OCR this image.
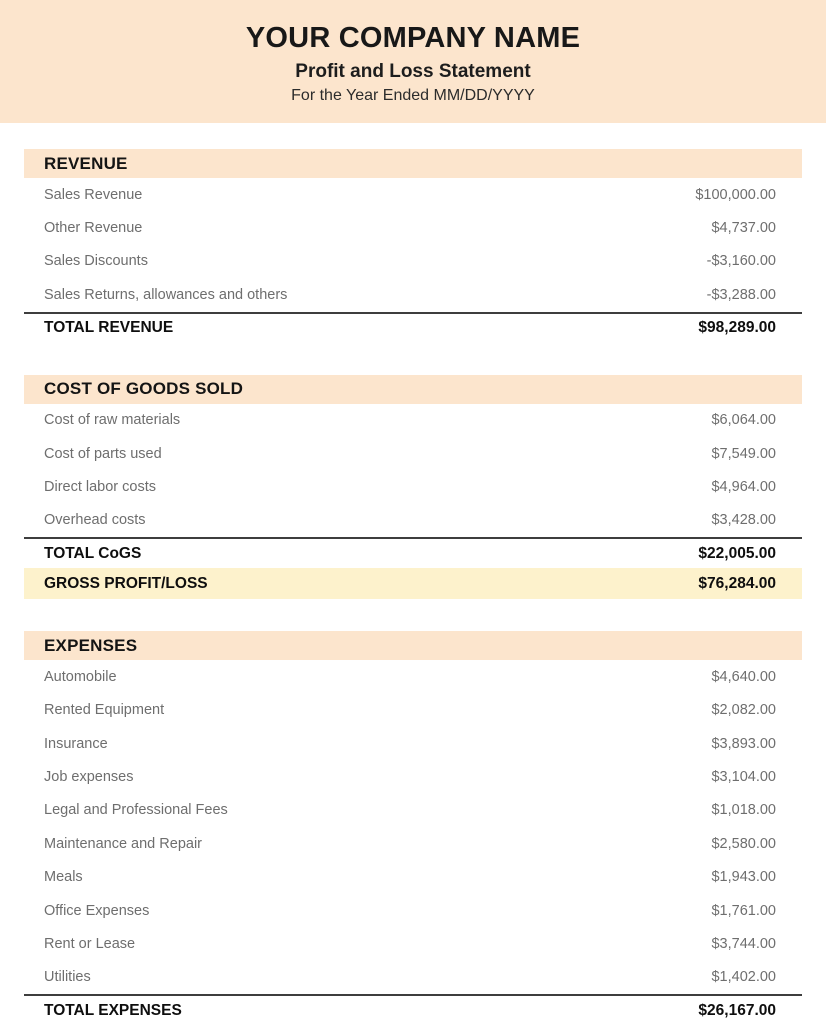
YOUR COMPANY NAME
Profit and Loss Statement

For the Year Ended MM/DD/YYYY

REVENUE
Sales Revenue	$100,000.00
Other Revenue	$4,737.00
Sales Discounts	-$3,160.00
Sales Returns, allowances and others	-$3,288.00
TOTAL REVENUE	$98,289.00
COST OF GOODS SOLD
Cost of raw materials	$6,064.00
Cost of parts used	$7,549.00
Direct labor costs	$4,964.00
Overhead costs	$3,428.00
TOTAL CoGS	$22,005.00
GROSS PROFIT/LOSS	$76,284.00
EXPENSES
Automobile	$4,640.00
Rented Equipment	$2,082.00
Insurance	$3,893.00
Job expenses	$3,104.00
Legal and Professional Fees	$1,018.00
Maintenance and Repair	$2,580.00
Meals	$1,943.00
Office Expenses	$1,761.00
Rent or Lease	$3,744.00
Utilities	$1,402.00
TOTAL EXPENSES	$26,167.00
